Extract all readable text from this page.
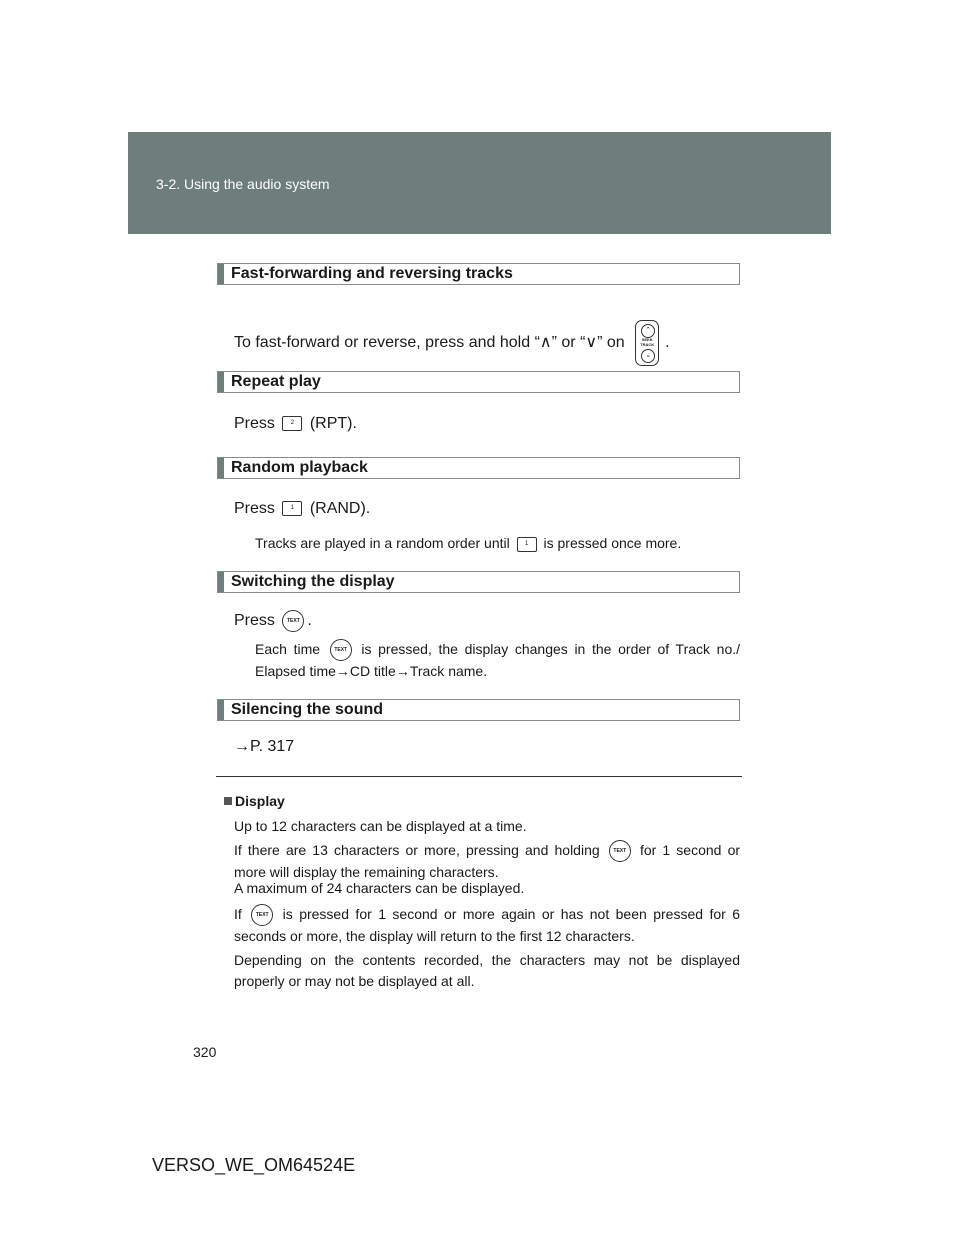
3-2. Using the audio system
Fast-forwarding and reversing tracks
To fast-forward or reverse, press and hold “∧” or “∨” on
⌃
SEEK
TRACK
⌄
.
Repeat play
Press	2 (RPT).
Random playback
Press	1 (RAND).
Tracks are played in a random order until	1 is pressed once more.
Switching the display
Press TEXT .
Each time	TEXT is pressed, the display changes in the order of Track no./ Elapsed time→CD title→Track name.
Silencing the sound
→P. 317
Display
Up to 12 characters can be displayed at a time.
If there are 13 characters or more, pressing and holding	TEXT for 1 second or more will display the remaining characters.
A maximum of 24 characters can be displayed.
If	TEXT is pressed for 1 second or more again or has not been pressed for 6 seconds or more, the display will return to the first 12 characters.
Depending on the contents recorded, the characters may not be displayed properly or may not be displayed at all.
320
VERSO_WE_OM64524E
